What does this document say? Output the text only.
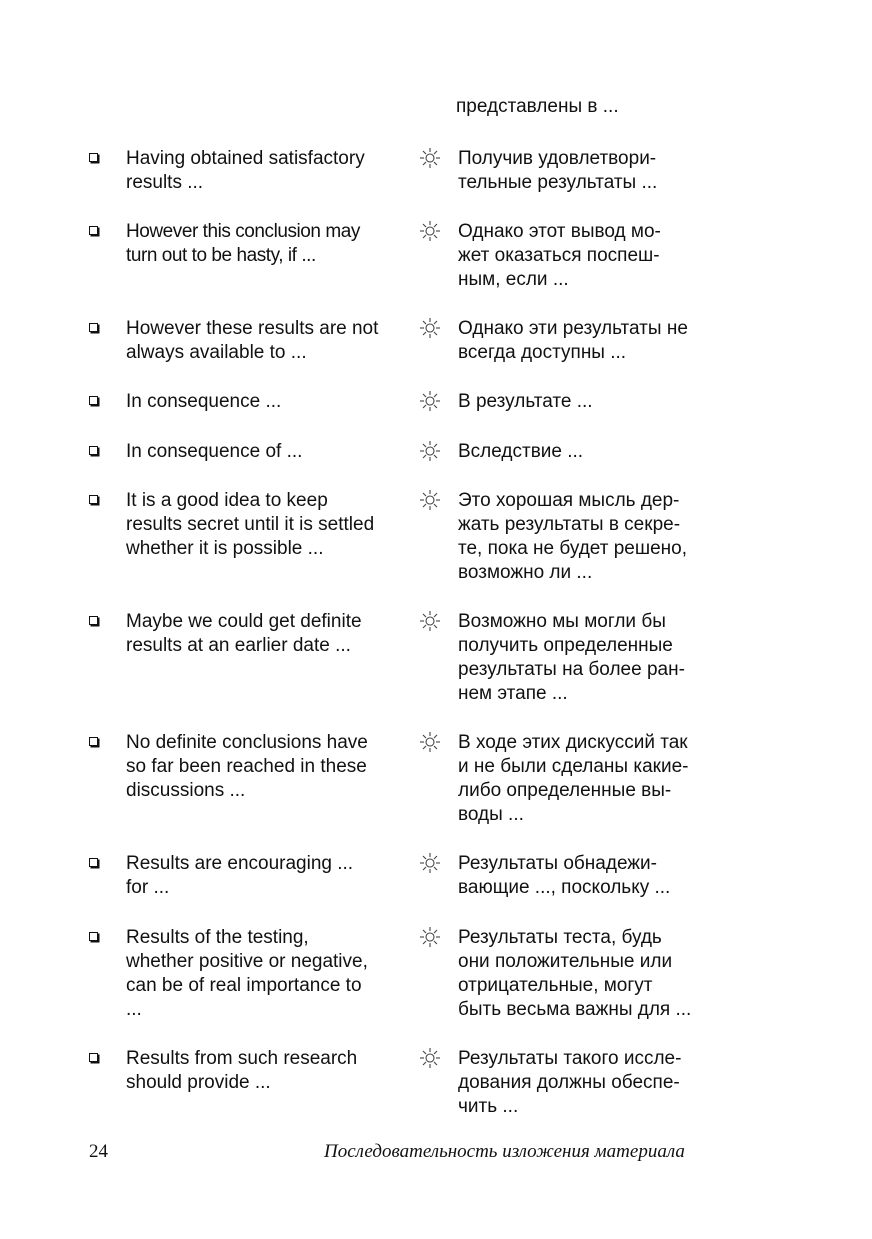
представлены в ...
Having obtained satisfactory
results ...
Получив удовлетвори-
тельные результаты ...
However this conclusion may
turn out to be hasty, if ...
Однако этот вывод мо-
жет оказаться поспеш-
ным, если ...
However these results are not
always available to ...
Однако эти результаты не
всегда доступны ...
In consequence ...	В результате ...
In consequence of ...	Вследствие ...
It is a good idea to keep
results secret until it is settled
whether it is possible ...
Это хорошая мысль дер-
жать результаты в секре-
те, пока не будет решено,
возможно ли ...
Maybe we could get definite
results at an earlier date ...
Возможно мы могли бы
получить определенные
результаты на более ран-
нем этапе ...
No definite conclusions have
so far been reached in these
discussions ...
В ходе этих дискуссий так
и не были сделаны какие-
либо определенные вы-
воды ...
Results are encouraging ...
for ...
Результаты обнадежи-
вающие ..., поскольку ...
Results of the testing,
whether positive or negative,
can be of real importance to
...
Результаты теста, будь
они положительные или
отрицательные, могут
быть весьма важны для ...
Results from such research
should provide ...
Результаты такого иссле-
дования должны обеспе-
чить ...
24	Последовательность изложения материала
